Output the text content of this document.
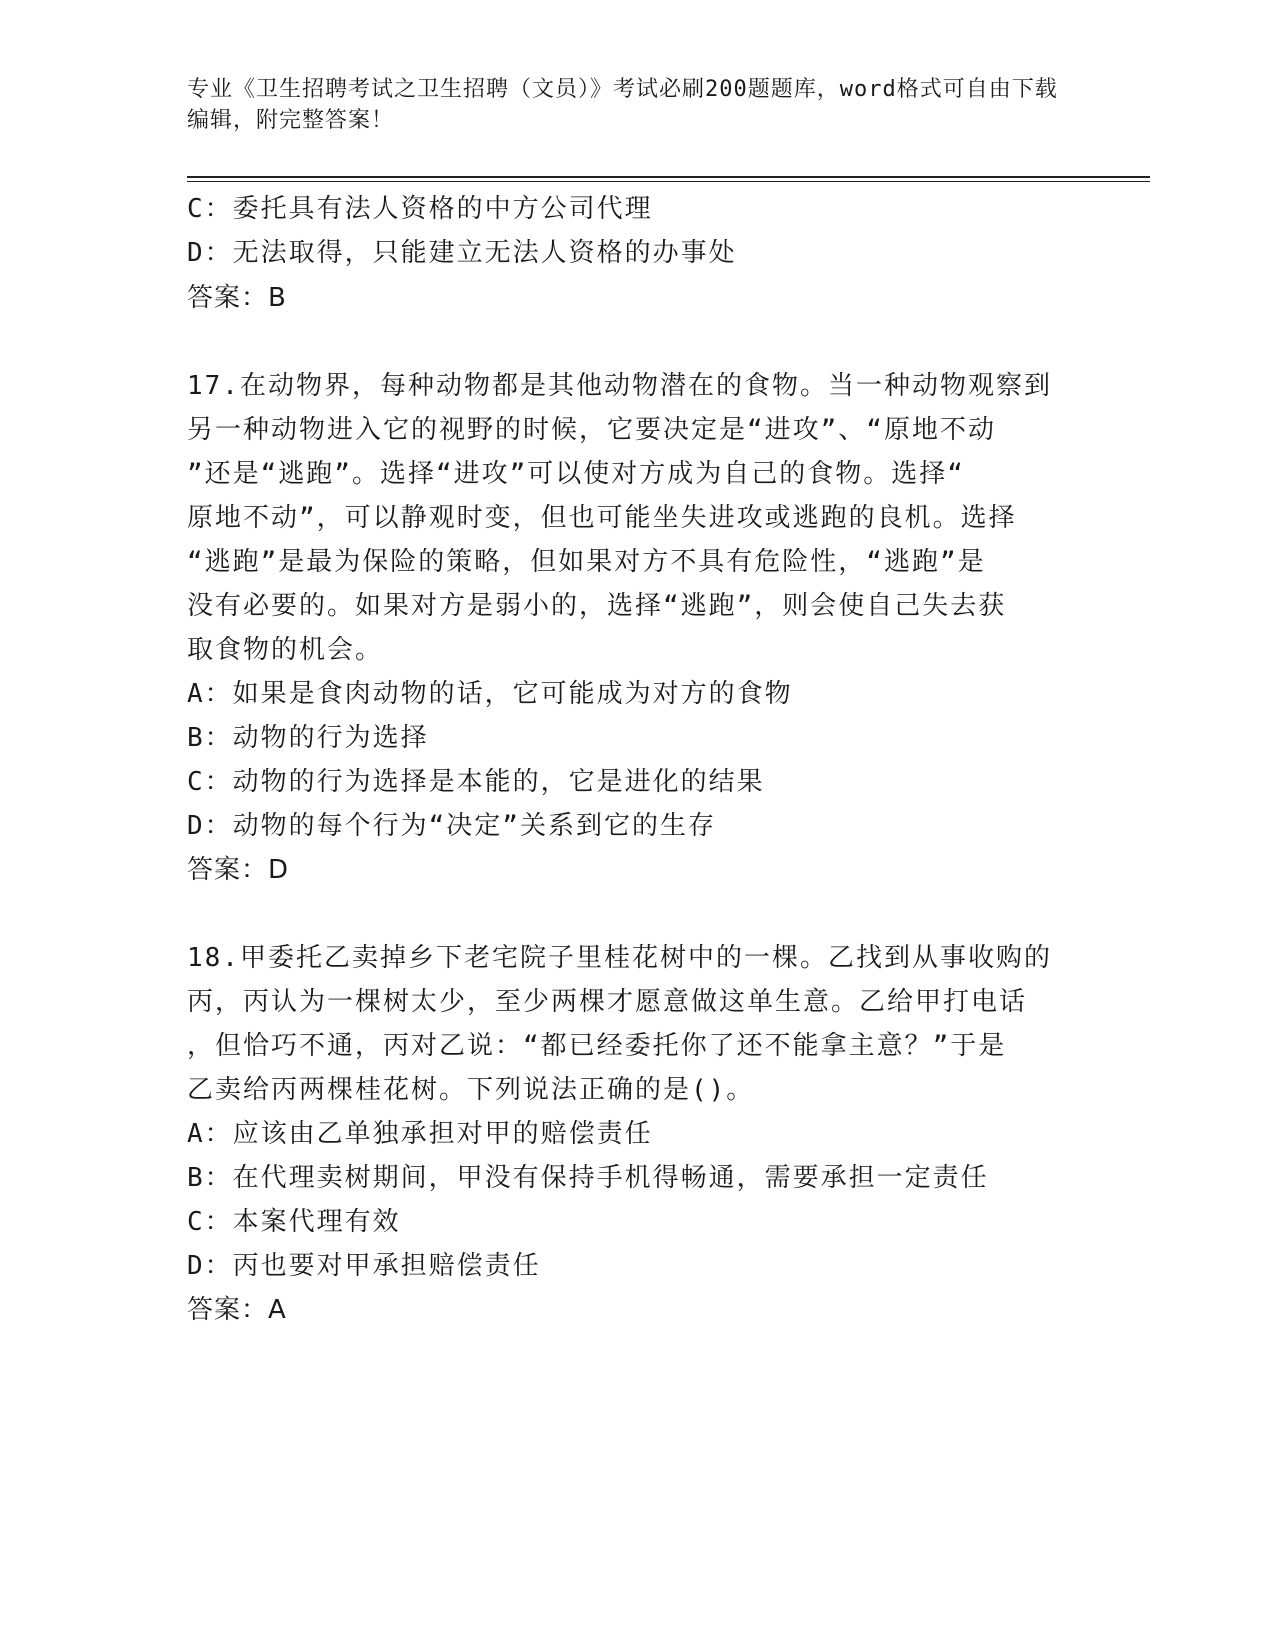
专业《卫生招聘考试之卫生招聘（文员）》考试必刷200题题库，word格式可自由下载编辑，附完整答案！
C：委托具有法人资格的中方公司代理
D：无法取得，只能建立无法人资格的办事处
答案：B
17.在动物界，每种动物都是其他动物潜在的食物。当一种动物观察到
另一种动物进入它的视野的时候，它要决定是“进攻”、“原地不动
”还是“逃跑”。选择“进攻”可以使对方成为自己的食物。选择“
原地不动”，可以静观时变，但也可能坐失进攻或逃跑的良机。选择
“逃跑”是最为保险的策略，但如果对方不具有危险性，“逃跑”是
没有必要的。如果对方是弱小的，选择“逃跑”，则会使自己失去获
取食物的机会。
A：如果是食肉动物的话，它可能成为对方的食物
B：动物的行为选择
C：动物的行为选择是本能的，它是进化的结果
D：动物的每个行为“决定”关系到它的生存
答案：D
18.甲委托乙卖掉乡下老宅院子里桂花树中的一棵。乙找到从事收购的
丙，丙认为一棵树太少，至少两棵才愿意做这单生意。乙给甲打电话
，但恰巧不通，丙对乙说：“都已经委托你了还不能拿主意？”于是
乙卖给丙两棵桂花树。下列说法正确的是()。
A：应该由乙单独承担对甲的赔偿责任
B：在代理卖树期间，甲没有保持手机得畅通，需要承担一定责任
C：本案代理有效
D：丙也要对甲承担赔偿责任
答案：A
